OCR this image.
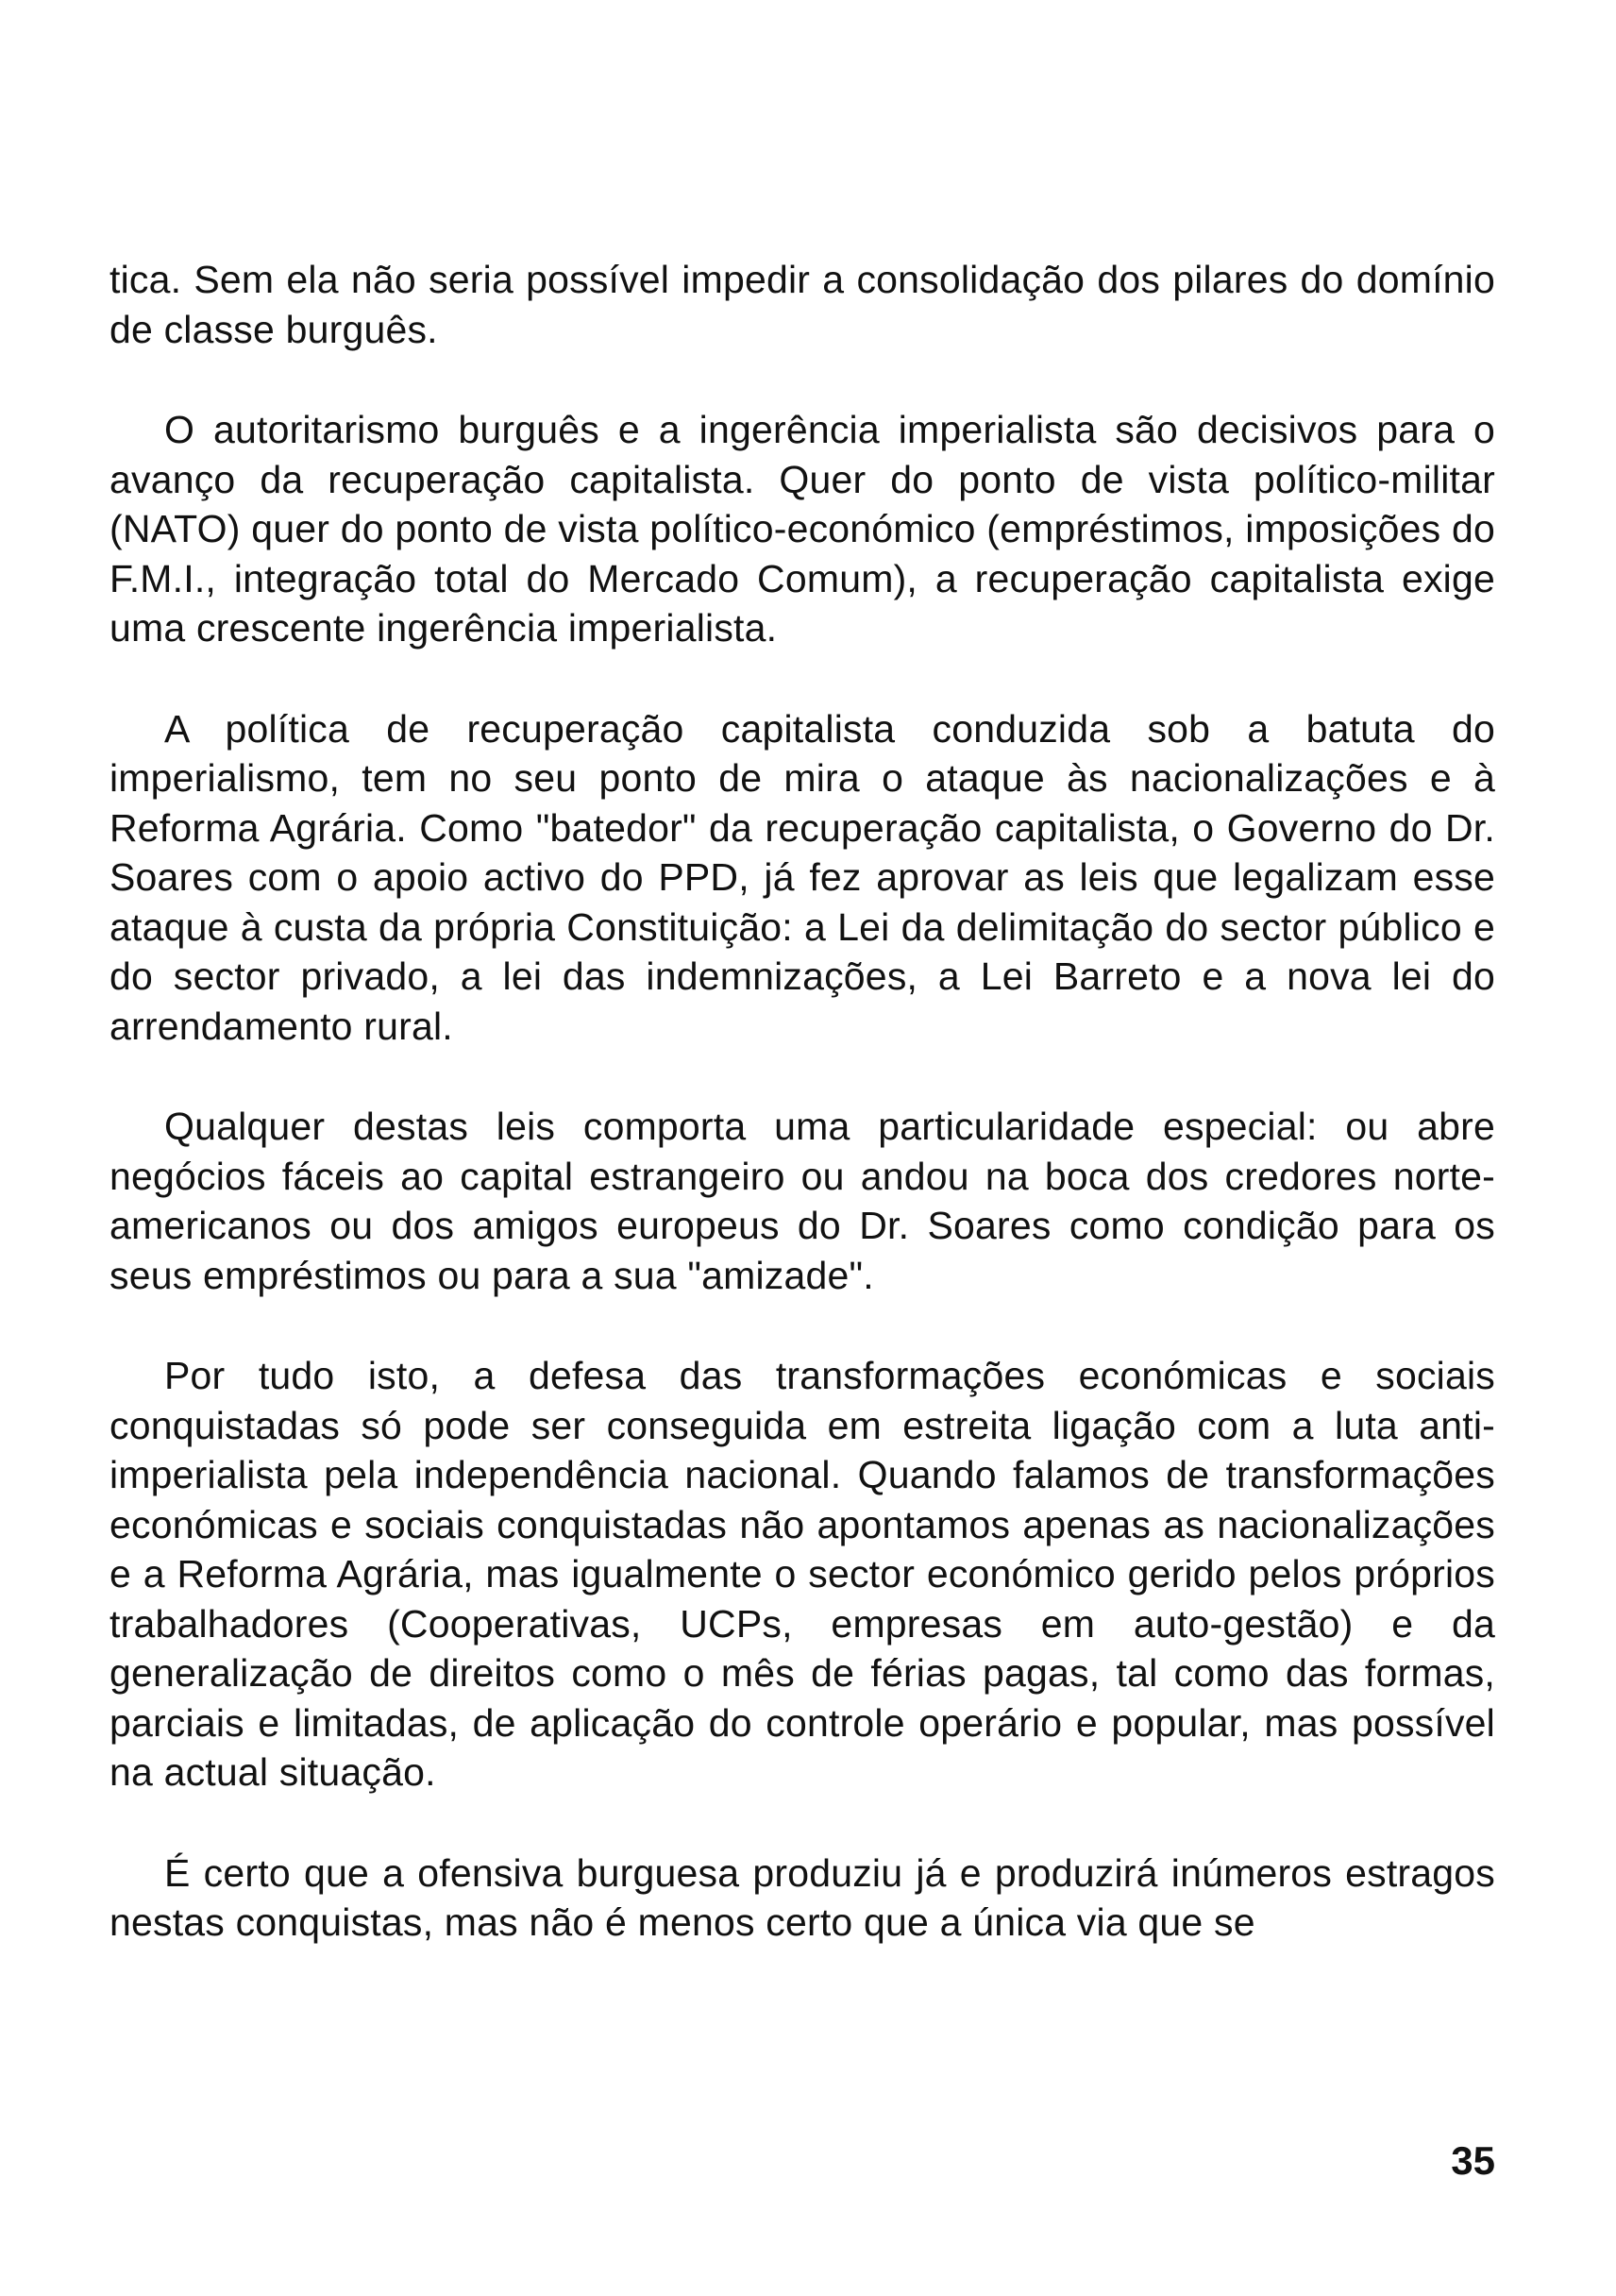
tica. Sem ela não seria possível impedir a consolidação dos pilares do domínio de classe burguês.

O autoritarismo burguês e a ingerência imperialista são decisivos para o avanço da recuperação capitalista. Quer do ponto de vista político-militar (NATO) quer do ponto de vista político-económico (empréstimos, imposições do F.M.I., integração total do Mercado Comum), a recuperação capitalista exige uma crescente ingerência imperialista.

A política de recuperação capitalista conduzida sob a batuta do imperialismo, tem no seu ponto de mira o ataque às nacionalizações e à Reforma Agrária. Como "batedor" da recuperação capitalista, o Governo do Dr. Soares com o apoio activo do PPD, já fez aprovar as leis que legalizam esse ataque à custa da própria Constituição: a Lei da delimitação do sector público e do sector privado, a lei das indemnizações, a Lei Barreto e a nova lei do arrendamento rural.

Qualquer destas leis comporta uma particularidade especial: ou abre negócios fáceis ao capital estrangeiro ou andou na boca dos credores norte-americanos ou dos amigos europeus do Dr. Soares como condição para os seus empréstimos ou para a sua "amizade".

Por tudo isto, a defesa das transformações económicas e sociais conquistadas só pode ser conseguida em estreita ligação com a luta anti-imperialista pela independência nacional. Quando falamos de transformações económicas e sociais conquistadas não apontamos apenas as nacionalizações e a Reforma Agrária, mas igualmente o sector económico gerido pelos próprios trabalhadores (Cooperativas, UCPs, empresas em auto-gestão) e da generalização de direitos como o mês de férias pagas, tal como das formas, parciais e limitadas, de aplicação do controle operário e popular, mas possível na actual situação.

É certo que a ofensiva burguesa produziu já e produzirá inúmeros estragos nestas conquistas, mas não é menos certo que a única via que se

35
